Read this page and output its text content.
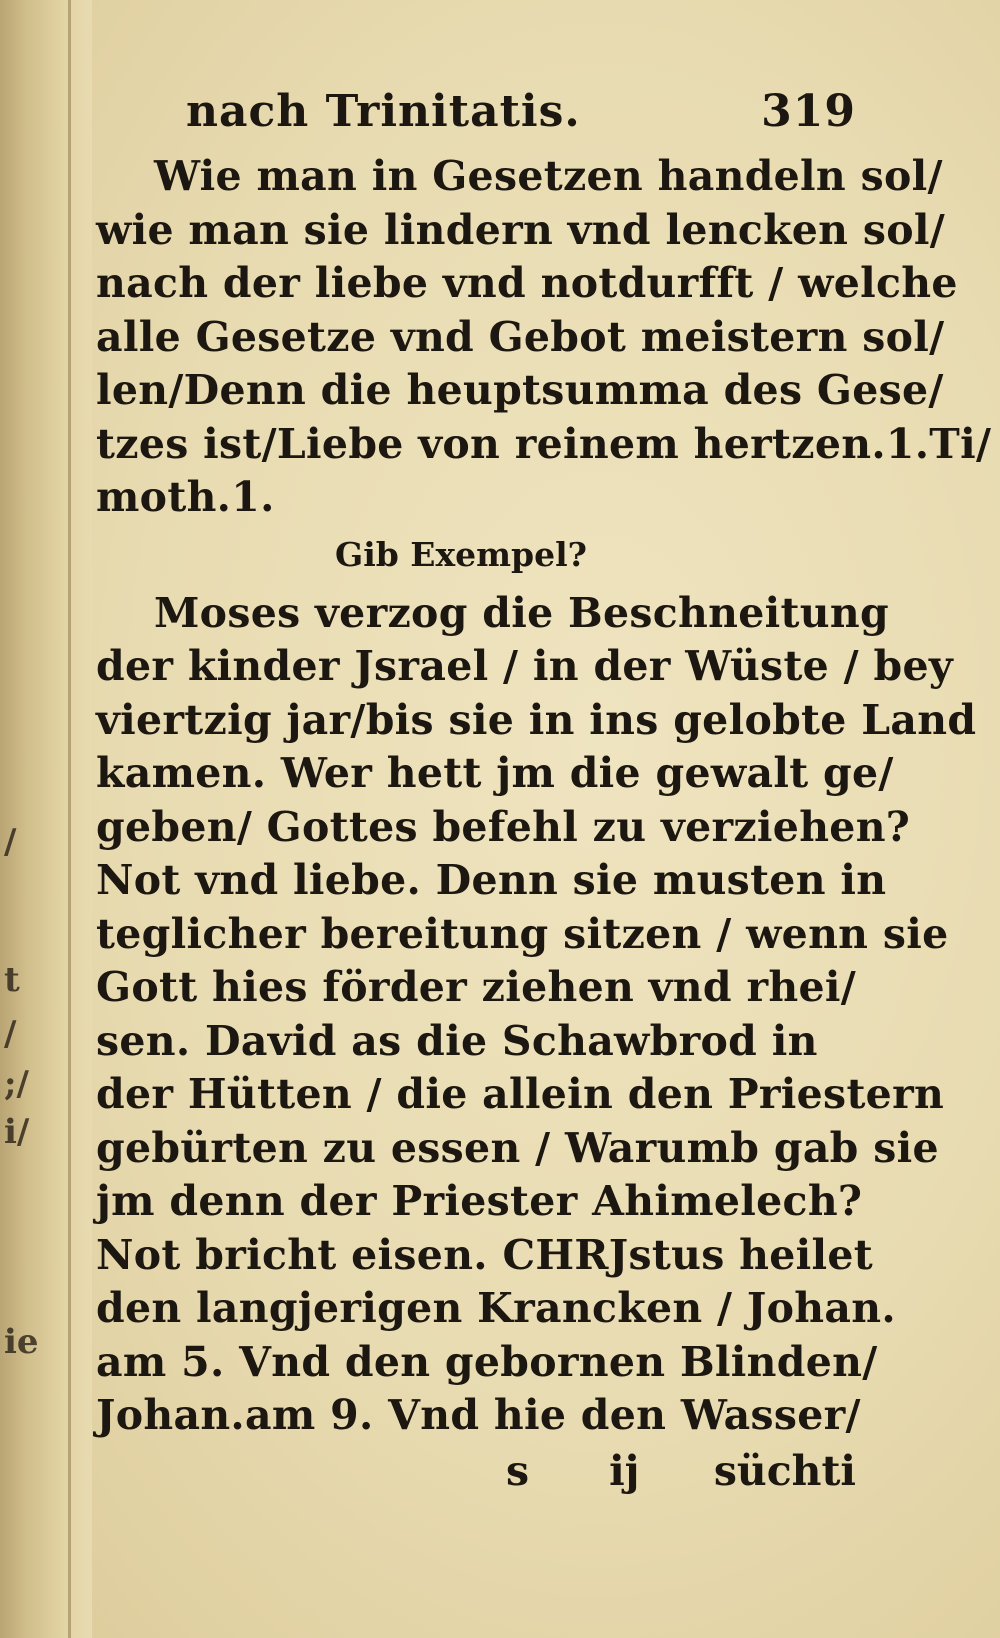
/
t
/
;/
i/
ie
nach Trinitatis.	319
Wie man in Gesetzen handeln sol/
wie man sie lindern vnd lencken sol/
nach der liebe vnd notdurfft / welche
alle Gesetze vnd Gebot meistern sol/
len/Denn die heuptsumma des Gese/
tzes ist/Liebe von reinem hertzen.1.Ti/
moth.1.
Gib Exempel?
Moses verzog die Beschneitung
der kinder Jsrael / in der Wüste / bey
viertzig jar/bis sie in ins gelobte Land
kamen. Wer hett jm die gewalt ge/
geben/ Gottes befehl zu verziehen?
Not vnd liebe. Denn sie musten in
teglicher bereitung sitzen / wenn sie
Gott hies förder ziehen vnd rhei/
sen. David as die Schawbrod in
der Hütten / die allein den Priestern
gebürten zu essen / Warumb gab sie
jm denn der Priester Ahimelech?
Not bricht eisen. CHRJstus heilet
den langjerigen Krancken / Johan.
am 5. Vnd den gebornen Blinden/
Johan.am 9. Vnd hie den Wasser/
s ij süchti
